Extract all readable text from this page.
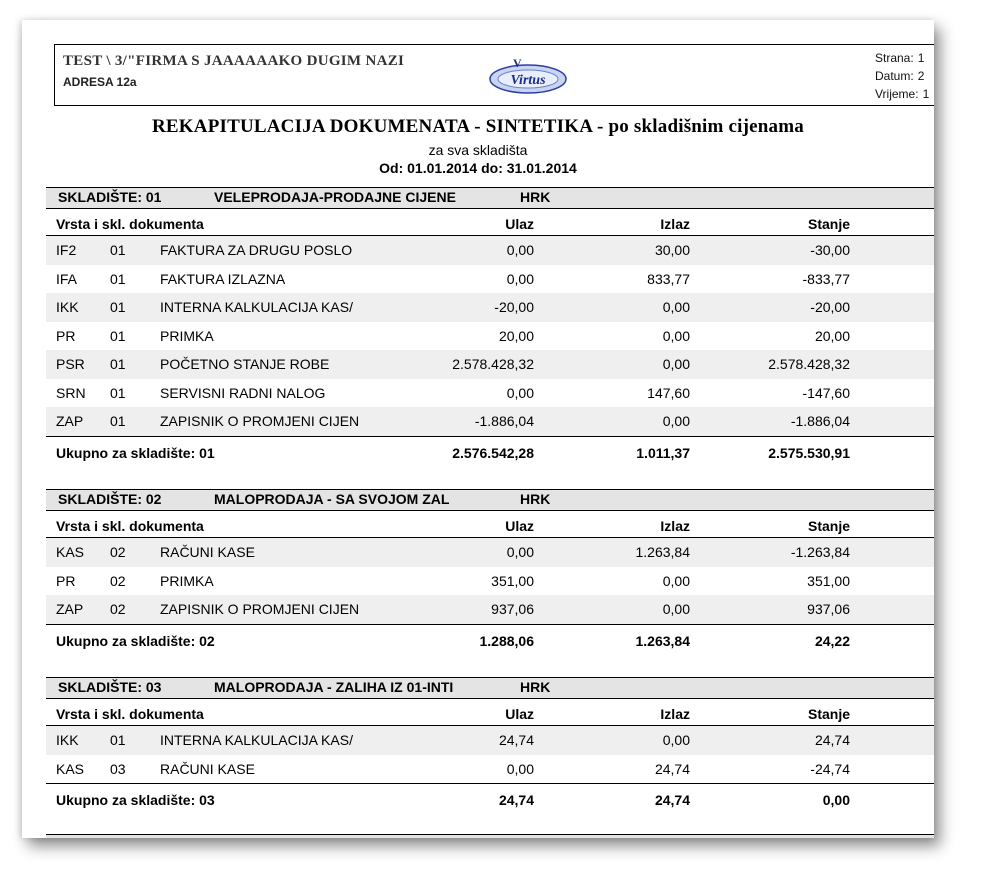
TEST \ 3/"FIRMA S JAAAAAAKO DUGIM NAZI
ADRESA 12a	Virtus
V	Strana: 1
Datum: 2
Vrijeme: 1
REKAPITULACIJA DOKUMENATA - SINTETIKA - po skladišnim cijenama
za sva skladišta
Od: 01.01.2014 do: 31.01.2014
SKLADIŠTE: 01	VELEPRODAJA-PRODAJNE CIJENE	HRK
Vrsta i skl. dokumenta	Ulaz	Izlaz	Stanje
IF2	01	FAKTURA ZA DRUGU POSLO	0,00	30,00	-30,00
IFA	01	FAKTURA IZLAZNA	0,00	833,77	-833,77
IKK	01	INTERNA KALKULACIJA KAS/	-20,00	0,00	-20,00
PR	01	PRIMKA	20,00	0,00	20,00
PSR	01	POČETNO STANJE ROBE	2.578.428,32	0,00	2.578.428,32
SRN	01	SERVISNI RADNI NALOG	0,00	147,60	-147,60
ZAP	01	ZAPISNIK O PROMJENI CIJEN	-1.886,04	0,00	-1.886,04
Ukupno za skladište: 01	2.576.542,28	1.011,37	2.575.530,91
SKLADIŠTE: 02	MALOPRODAJA - SA SVOJOM ZAL	HRK
Vrsta i skl. dokumenta	Ulaz	Izlaz	Stanje
KAS	02	RAČUNI KASE	0,00	1.263,84	-1.263,84
PR	02	PRIMKA	351,00	0,00	351,00
ZAP	02	ZAPISNIK O PROMJENI CIJEN	937,06	0,00	937,06
Ukupno za skladište: 02	1.288,06	1.263,84	24,22
SKLADIŠTE: 03	MALOPRODAJA - ZALIHA IZ 01-INTI	HRK
Vrsta i skl. dokumenta	Ulaz	Izlaz	Stanje
IKK	01	INTERNA KALKULACIJA KAS/	24,74	0,00	24,74
KAS	03	RAČUNI KASE	0,00	24,74	-24,74
Ukupno za skladište: 03	24,74	24,74	0,00
